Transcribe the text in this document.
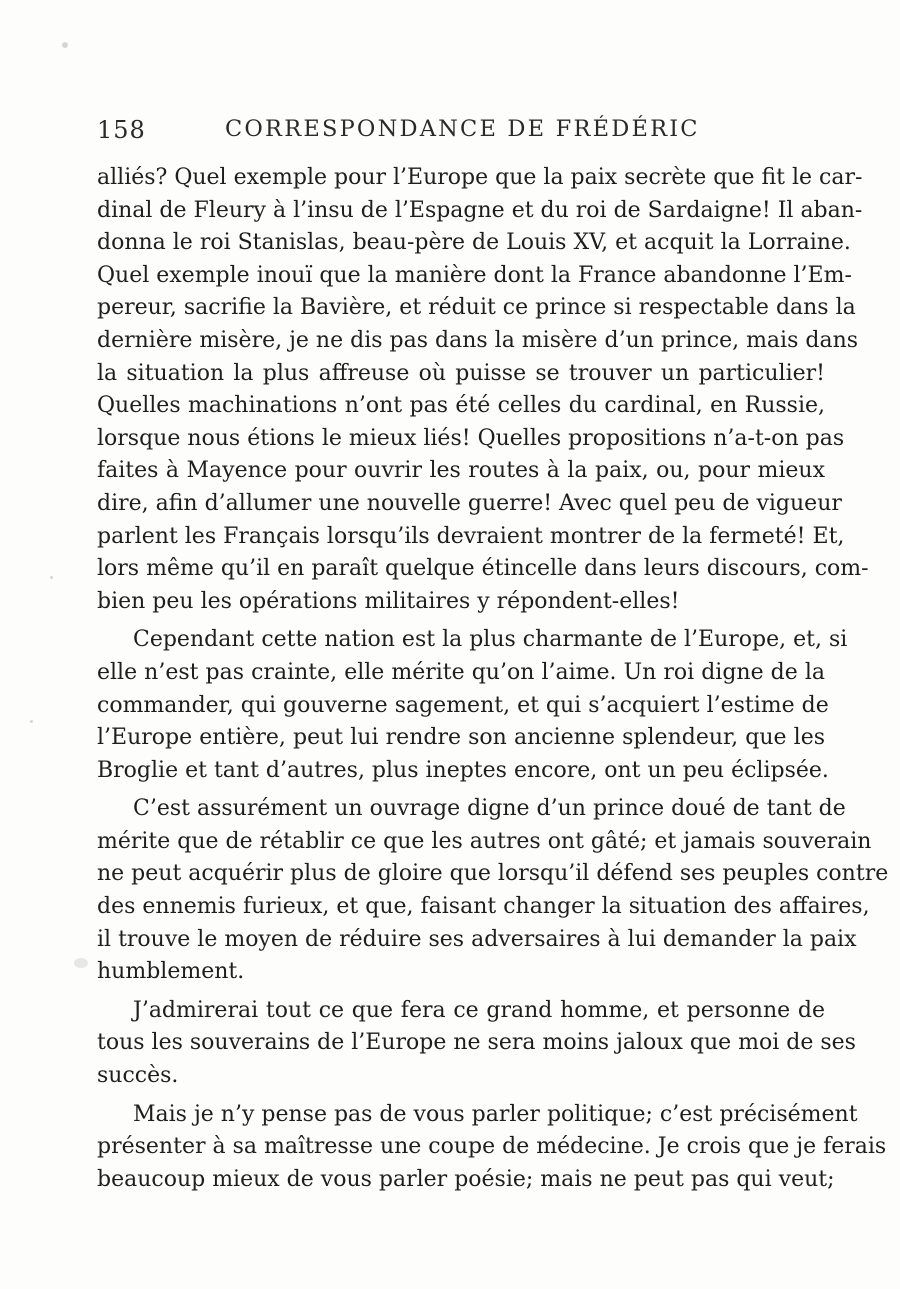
158	CORRESPONDANCE DE FRÉDÉRIC
alliés? Quel exemple pour l’Europe que la paix secrète que fit le car-
dinal de Fleury à l’insu de l’Espagne et du roi de Sardaigne! Il aban-
donna le roi Stanislas, beau-père de Louis XV, et acquit la Lorraine.
Quel exemple inouï que la manière dont la France abandonne l’Em-
pereur, sacrifie la Bavière, et réduit ce prince si respectable dans la
dernière misère, je ne dis pas dans la misère d’un prince, mais dans
la situation la plus affreuse où puisse se trouver un particulier!
Quelles machinations n’ont pas été celles du cardinal, en Russie,
lorsque nous étions le mieux liés! Quelles propositions n’a-t-on pas
faites à Mayence pour ouvrir les routes à la paix, ou, pour mieux
dire, afin d’allumer une nouvelle guerre! Avec quel peu de vigueur
parlent les Français lorsqu’ils devraient montrer de la fermeté! Et,
lors même qu’il en paraît quelque étincelle dans leurs discours, com-
bien peu les opérations militaires y répondent-elles!
Cependant cette nation est la plus charmante de l’Europe, et, si
elle n’est pas crainte, elle mérite qu’on l’aime. Un roi digne de la
commander, qui gouverne sagement, et qui s’acquiert l’estime de
l’Europe entière, peut lui rendre son ancienne splendeur, que les
Broglie et tant d’autres, plus ineptes encore, ont un peu éclipsée.
C’est assurément un ouvrage digne d’un prince doué de tant de
mérite que de rétablir ce que les autres ont gâté; et jamais souverain
ne peut acquérir plus de gloire que lorsqu’il défend ses peuples contre
des ennemis furieux, et que, faisant changer la situation des affaires,
il trouve le moyen de réduire ses adversaires à lui demander la paix
humblement.
J’admirerai tout ce que fera ce grand homme, et personne de
tous les souverains de l’Europe ne sera moins jaloux que moi de ses
succès.
Mais je n’y pense pas de vous parler politique; c’est précisément
présenter à sa maîtresse une coupe de médecine. Je crois que je ferais
beaucoup mieux de vous parler poésie; mais ne peut pas qui veut;
